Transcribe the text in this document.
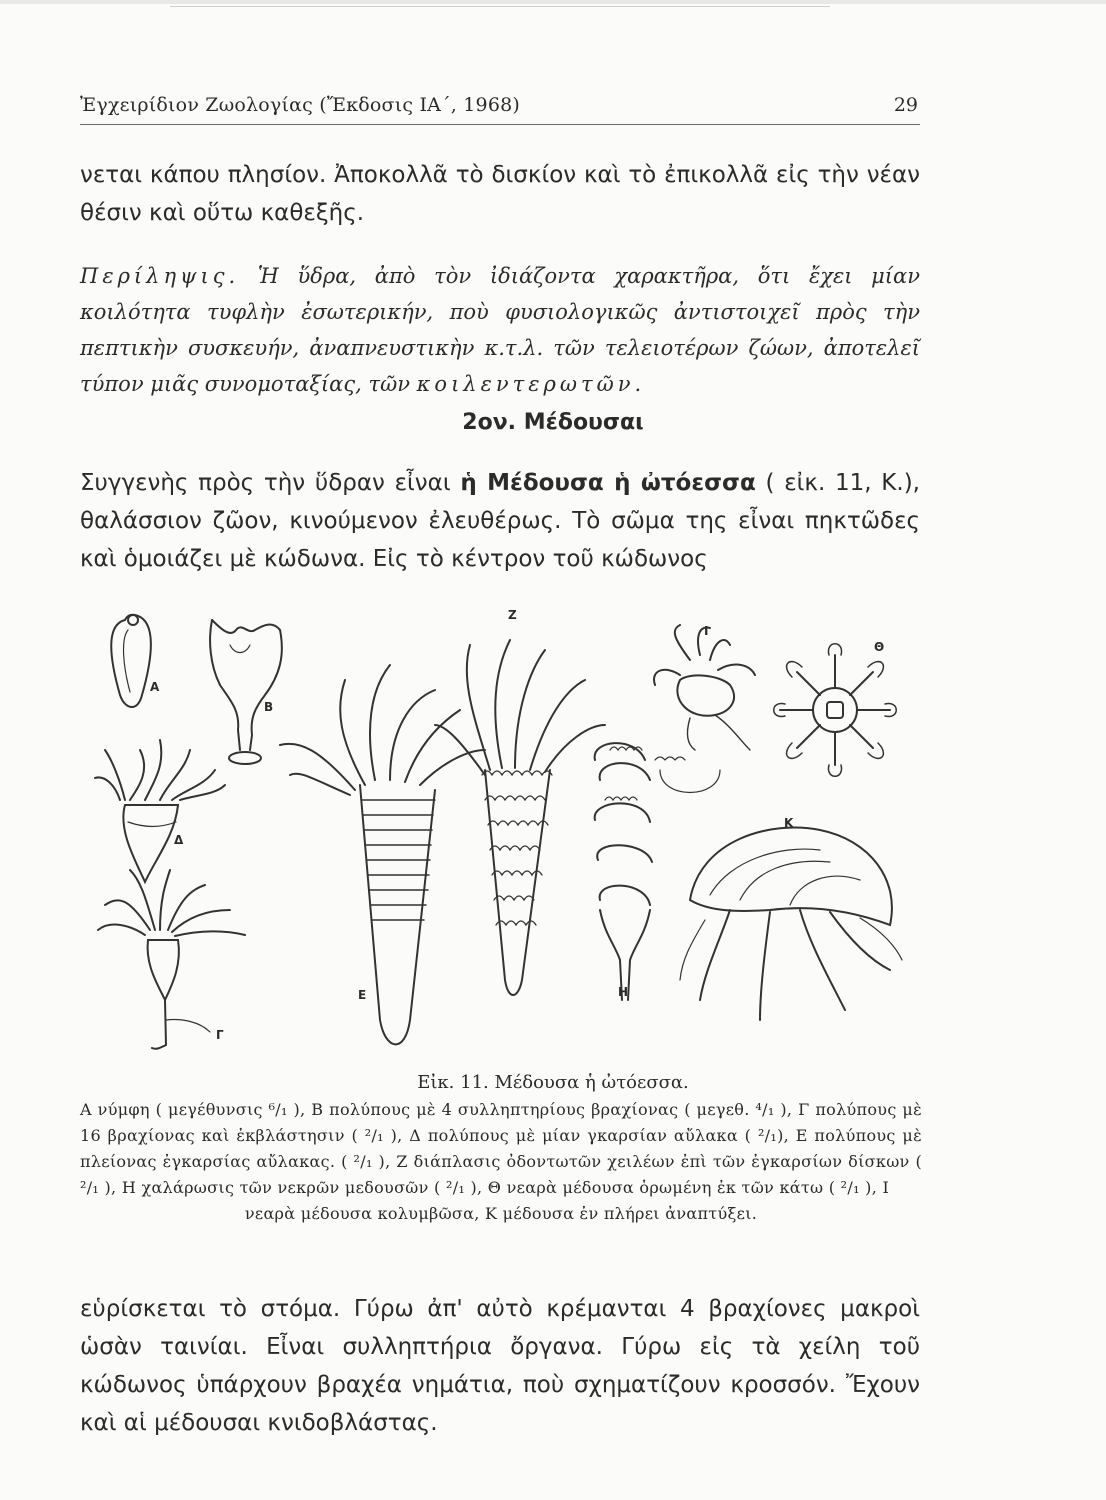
Ἐγχειρίδιον Ζωολογίας (Ἔκδοσις ΙΑ΄, 1968)	29

νεται κάπου πλησίον. Ἀποκολλᾶ τὸ δισκίον καὶ τὸ ἐπικολλᾶ εἰς τὴν νέαν θέσιν καὶ οὕτω καθεξῆς.

Περίληψις. Ἡ ὕδρα, ἀπὸ τὸν ἰδιάζοντα χαρακτῆρα, ὅτι ἔχει μίαν κοιλότητα τυφλὴν ἐσωτερικήν, ποὺ φυσιολογικῶς ἀντιστοιχεῖ πρὸς τὴν πεπτικὴν συσκευήν, ἀναπνευστικὴν κ.τ.λ. τῶν τελειοτέρων ζώων, ἀποτελεῖ τύπον μιᾶς συνομοταξίας, τῶν κοιλεντερωτῶν.

2ον. Μέδουσαι

Συγγενὴς πρὸς τὴν ὕδραν εἶναι ἡ Μέδουσα ἡ ὠτόεσσα ( εἰκ. 11, Κ.), θαλάσσιον ζῶον, κινούμενον ἐλευθέρως. Τὸ σῶμα της εἶναι πηκτῶδες καὶ ὁμοιάζει μὲ κώδωνα. Εἰς τὸ κέντρον τοῦ κώδωνος

Α
Β
Δ
Γ
Ε
Ζ
Η
Ι
Θ
Κ
Εἰκ. 11. Μέδουσα ἡ ὠτόεσσα.

Α νύμφη ( μεγέθυνσις ⁶/₁ ), Β πολύπους μὲ 4 συλληπτηρίους βραχίονας ( μεγεθ. ⁴/₁ ), Γ πολύπους μὲ 16 βραχίονας καὶ ἐκβλάστησιν ( ²/₁ ), Δ πολύπους μὲ μίαν γκαρσίαν αὔλακα ( ²/₁), Ε πολύπους μὲ πλείονας ἐγκαρσίας αὔλακας. ( ²/₁ ), Ζ διάπλασις ὀδοντωτῶν χειλέων ἐπὶ τῶν ἐγκαρσίων δίσκων ( ²/₁ ), Η χαλάρωσις τῶν νεκρῶν μεδουσῶν ( ²/₁ ), Θ νεαρὰ μέδουσα ὁρωμένη ἐκ τῶν κάτω ( ²/₁ ), Ι
νεαρὰ μέδουσα κολυμβῶσα, Κ μέδουσα ἐν πλήρει ἀναπτύξει.

εὑρίσκεται τὸ στόμα. Γύρω ἀπ' αὐτὸ κρέμανται 4 βραχίονες μακροὶ ὡσὰν ταινίαι. Εἶναι συλληπτήρια ὄργανα. Γύρω εἰς τὰ χείλη τοῦ κώδωνος ὑπάρχουν βραχέα νημάτια, ποὺ σχηματίζουν κροσσόν. Ἔχουν καὶ αἱ μέδουσαι κνιδοβλάστας.
